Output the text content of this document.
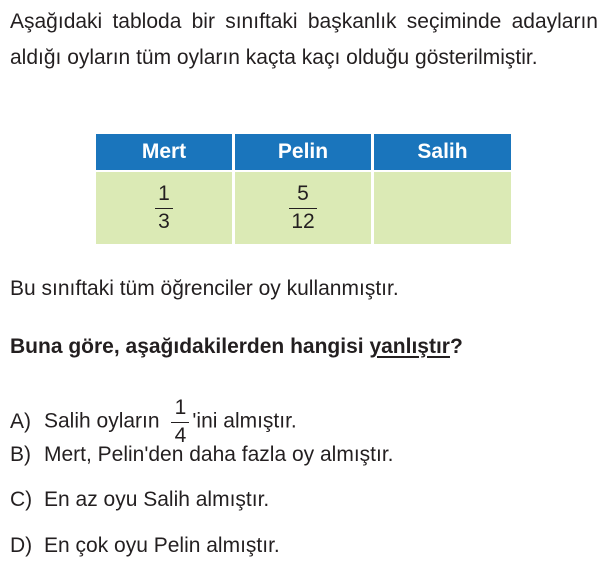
Aşağıdaki tabloda bir sınıftaki başkanlık seçiminde adayların aldığı oyların tüm oyların kaçta kaçı olduğu gösterilmiştir.

Mert	Pelin	Salih

$\frac{1}{3}$	$\frac{5}{12}$

Bu sınıftaki tüm öğrenciler oy kullanmıştır.

Buna göre, aşağıdakilerden hangisi yanlıştır?

A) Salih oyların $\frac{1}{4}$ 'ini almıştır.

B) Mert, Pelin'den daha fazla oy almıştır.

C) En az oyu Salih almıştır.

D) En çok oyu Pelin almıştır.
